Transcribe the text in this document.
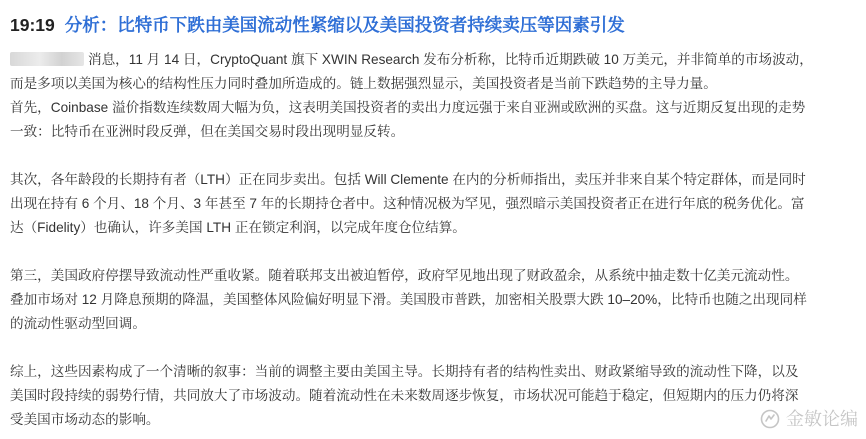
19:19 分析：比特币下跌由美国流动性紧缩以及美国投资者持续卖压等因素引发

消息，11 月 14 日，CryptoQuant 旗下 XWIN Research 发布分析称，比特币近期跌破 10 万美元，并非简单的市场波动，
而是多项以美国为核心的结构性压力同时叠加所造成的。链上数据强烈显示，美国投资者是当前下跌趋势的主导力量。
首先，Coinbase 溢价指数连续数周大幅为负，这表明美国投资者的卖出力度远强于来自亚洲或欧洲的买盘。这与近期反复出现的走势
一致：比特币在亚洲时段反弹，但在美国交易时段出现明显反转。

其次，各年龄段的长期持有者（LTH）正在同步卖出。包括 Will Clemente 在内的分析师指出，卖压并非来自某个特定群体，而是同时
出现在持有 6 个月、18 个月、3 年甚至 7 年的长期持仓者中。这种情况极为罕见，强烈暗示美国投资者正在进行年底的税务优化。富
达（Fidelity）也确认，许多美国 LTH 正在锁定利润，以完成年度仓位结算。

第三，美国政府停摆导致流动性严重收紧。随着联邦支出被迫暂停，政府罕见地出现了财政盈余，从系统中抽走数十亿美元流动性。
叠加市场对 12 月降息预期的降温，美国整体风险偏好明显下滑。美国股市普跌，加密相关股票大跌 10–20%，比特币也随之出现同样
的流动性驱动型回调。

综上，这些因素构成了一个清晰的叙事：当前的调整主要由美国主导。长期持有者的结构性卖出、财政紧缩导致的流动性下降，以及
美国时段持续的弱势行情，共同放大了市场波动。随着流动性在未来数周逐步恢复，市场状况可能趋于稳定，但短期内的压力仍将深
受美国市场动态的影响。	金敏论编
